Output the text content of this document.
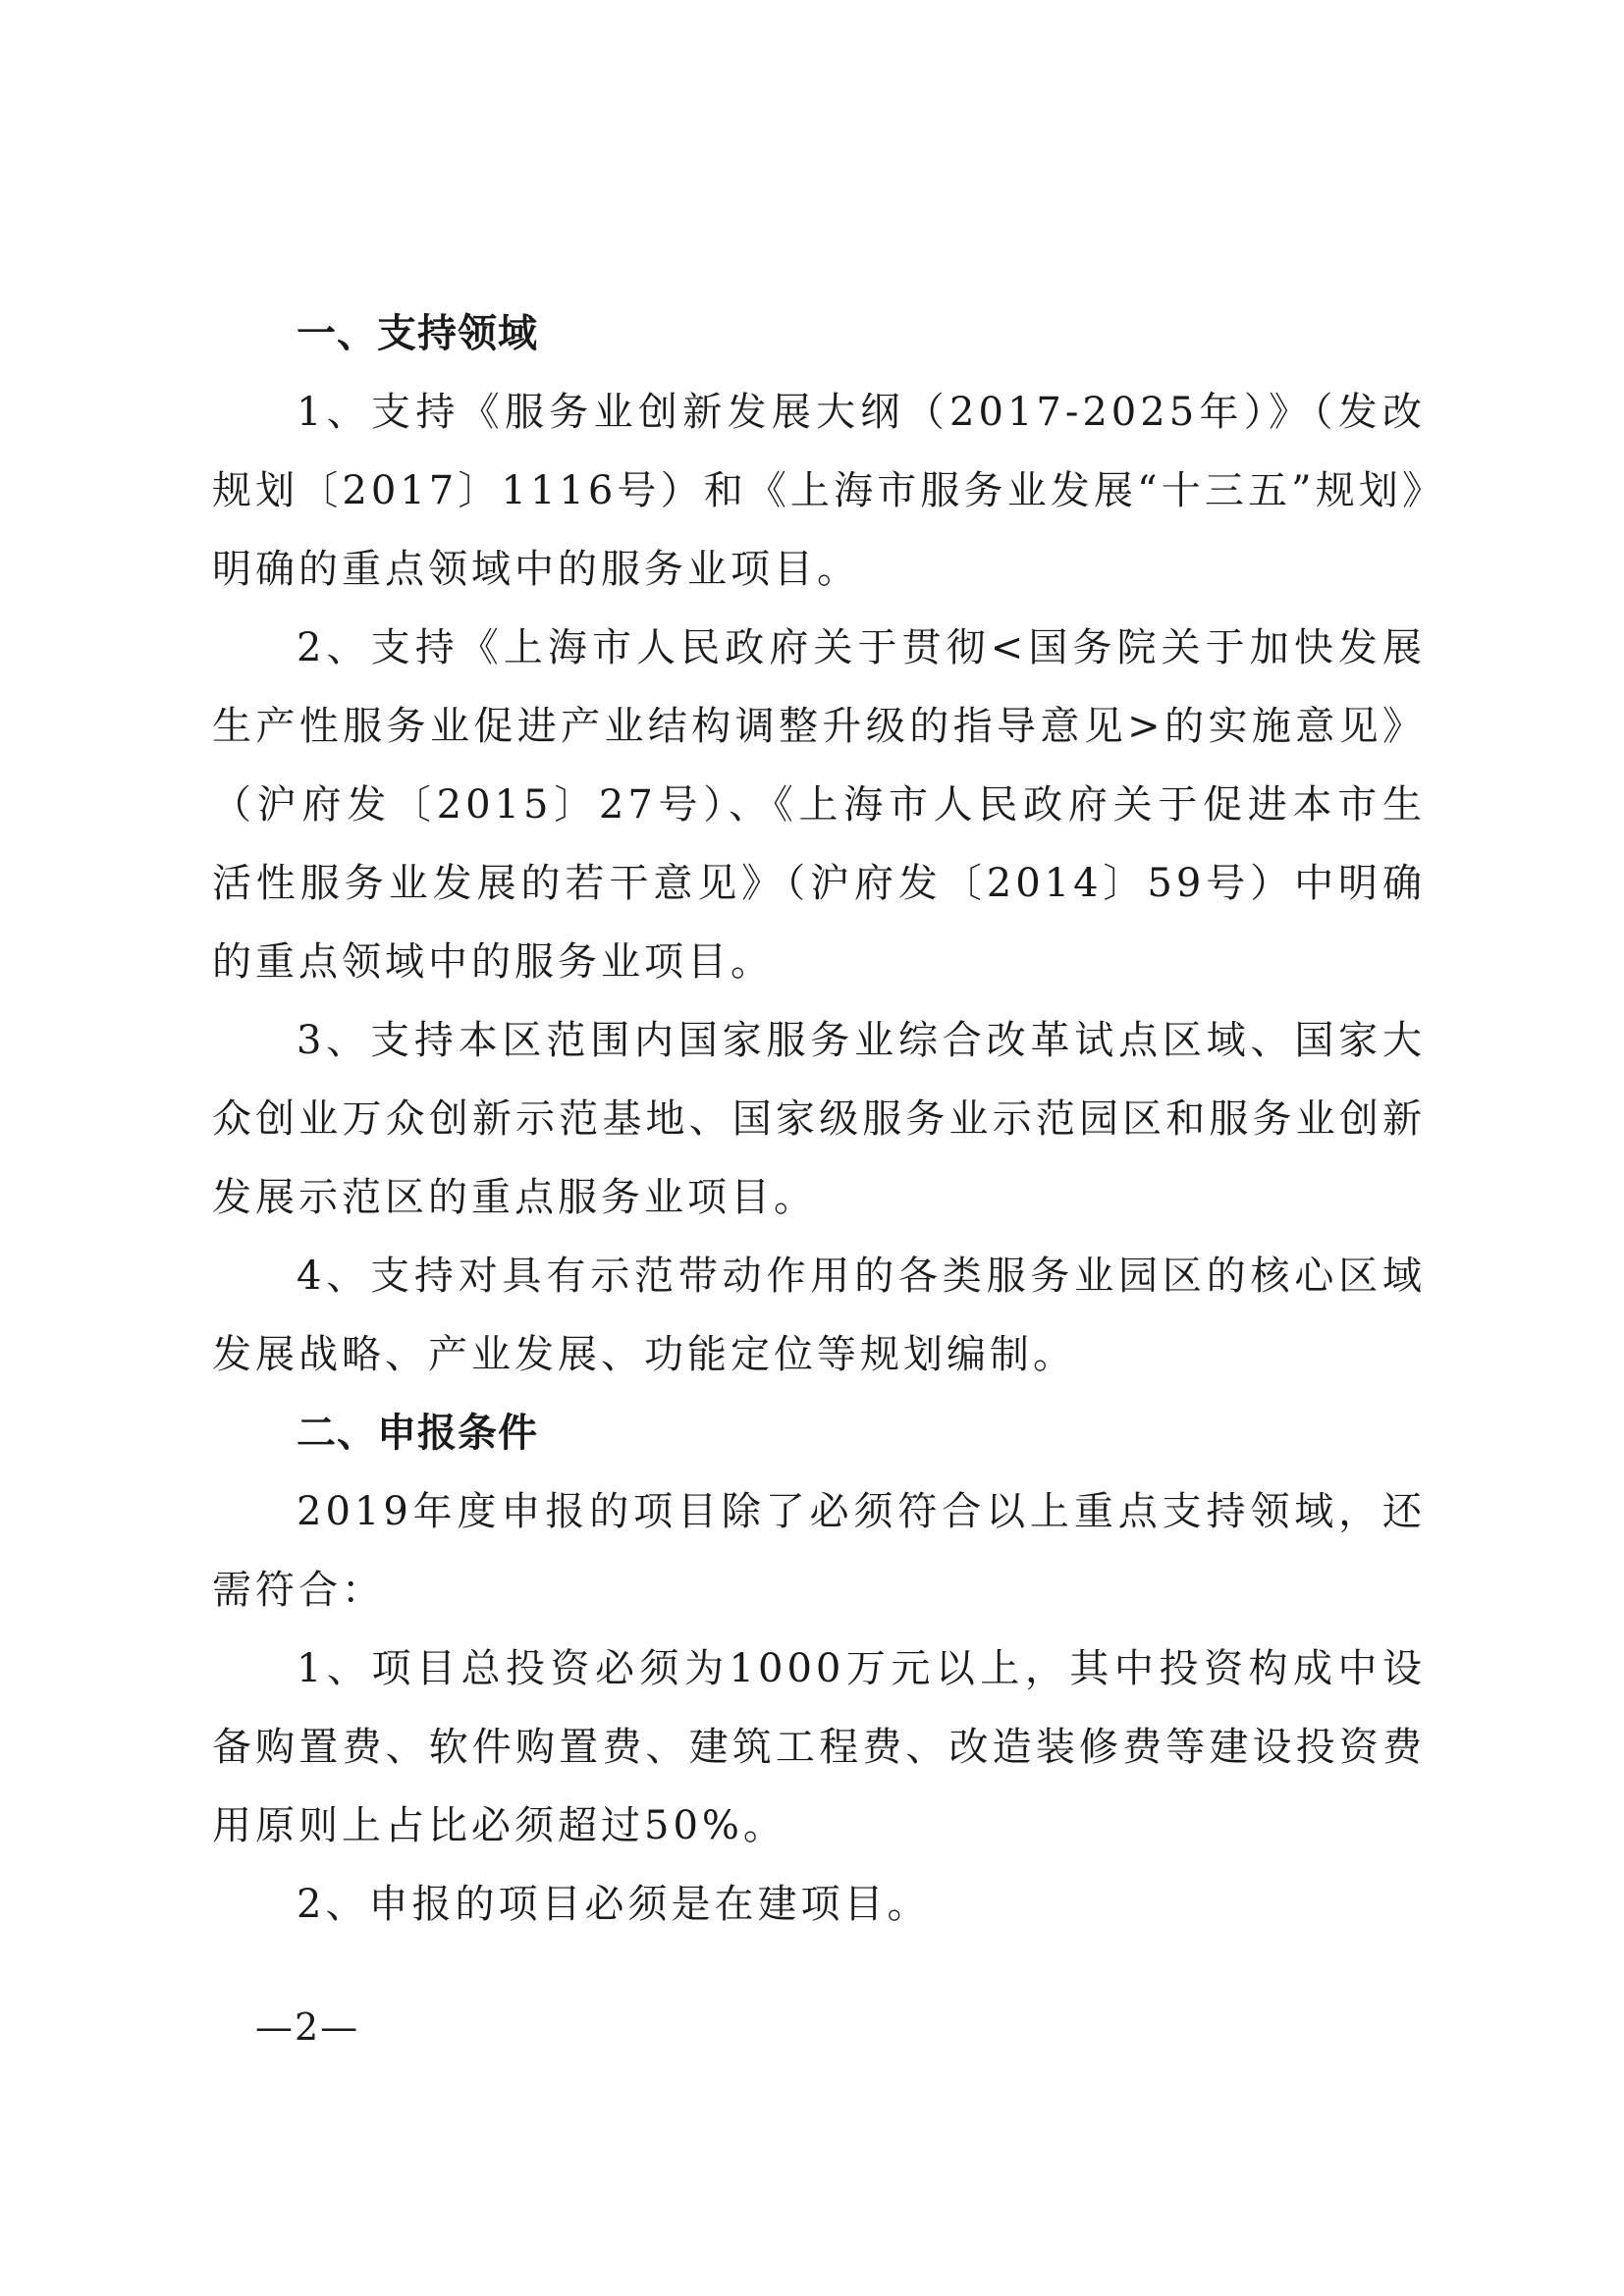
一、支持领域

1、支持《服务业创新发展大纲（2017-2025年）》（发改规划〔2017〕1116号）和《上海市服务业发展“十三五”规划》明确的重点领域中的服务业项目。

2、支持《上海市人民政府关于贯彻<国务院关于加快发展生产性服务业促进产业结构调整升级的指导意见>的实施意见》（沪府发〔2015〕27号）、《上海市人民政府关于促进本市生活性服务业发展的若干意见》（沪府发〔2014〕59号）中明确的重点领域中的服务业项目。

3、支持本区范围内国家服务业综合改革试点区域、国家大众创业万众创新示范基地、国家级服务业示范园区和服务业创新发展示范区的重点服务业项目。

4、支持对具有示范带动作用的各类服务业园区的核心区域发展战略、产业发展、功能定位等规划编制。

二、申报条件

2019年度申报的项目除了必须符合以上重点支持领域，还需符合：

1、项目总投资必须为1000万元以上，其中投资构成中设备购置费、软件购置费、建筑工程费、改造装修费等建设投资费用原则上占比必须超过50%。

2、申报的项目必须是在建项目。

—2—
